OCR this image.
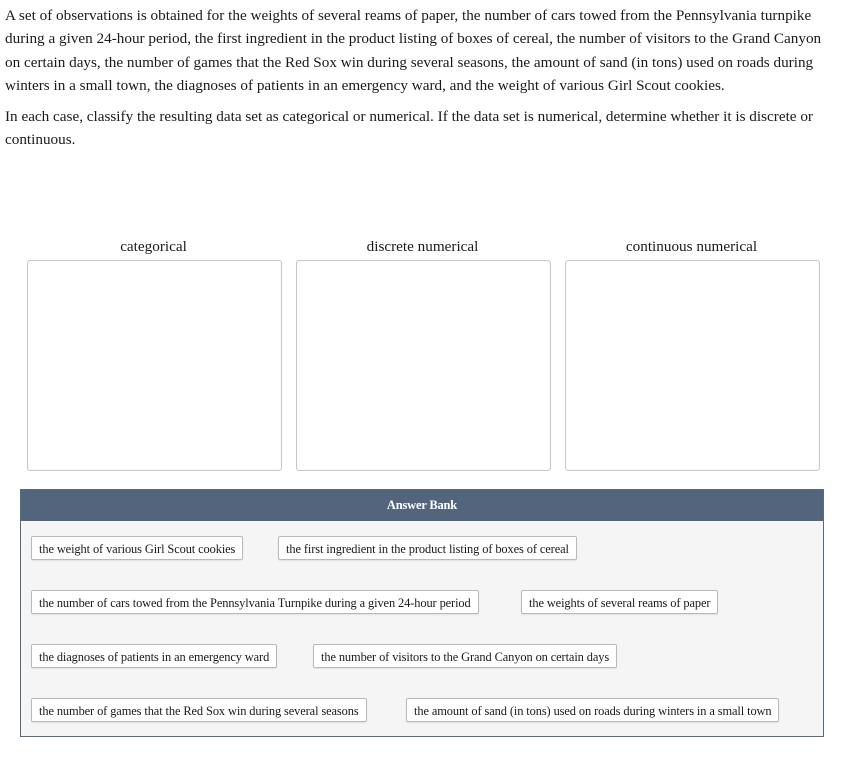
A set of observations is obtained for the weights of several reams of paper, the number of cars towed from the Pennsylvania turnpike during a given 24-hour period, the first ingredient in the product listing of boxes of cereal, the number of visitors to the Grand Canyon on certain days, the number of games that the Red Sox win during several seasons, the amount of sand (in tons) used on roads during winters in a small town, the diagnoses of patients in an emergency ward, and the weight of various Girl Scout cookies.

In each case, classify the resulting data set as categorical or numerical. If the data set is numerical, determine whether it is discrete or continuous.

categorical	discrete numerical	continuous numerical
Answer Bank
the weight of various Girl Scout cookies	the first ingredient in the product listing of boxes of cereal
the number of cars towed from the Pennsylvania Turnpike during a given 24-hour period	the weights of several reams of paper
the diagnoses of patients in an emergency ward	the number of visitors to the Grand Canyon on certain days
the number of games that the Red Sox win during several seasons	the amount of sand (in tons) used on roads during winters in a small town
